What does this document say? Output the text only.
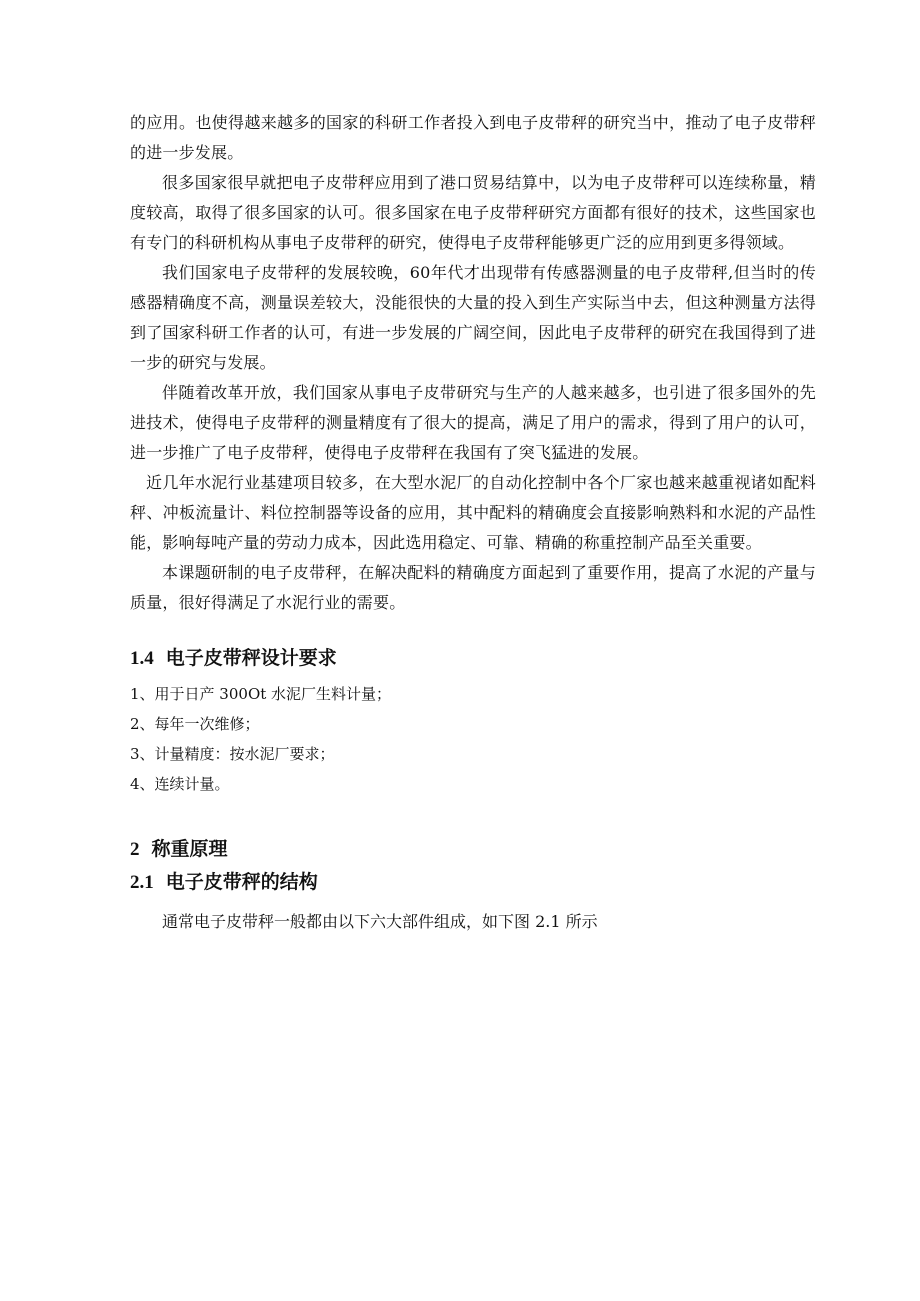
的应用。也使得越来越多的国家的科研工作者投入到电子皮带秤的研究当中，推动了电子皮带秤的进一步发展。

很多国家很早就把电子皮带秤应用到了港口贸易结算中，以为电子皮带秤可以连续称量，精度较高，取得了很多国家的认可。很多国家在电子皮带秤研究方面都有很好的技术，这些国家也有专门的科研机构从事电子皮带秤的研究，使得电子皮带秤能够更广泛的应用到更多得领域。

我们国家电子皮带秤的发展较晚，60年代才出现带有传感器测量的电子皮带秤,但当时的传感器精确度不高，测量误差较大，没能很快的大量的投入到生产实际当中去，但这种测量方法得到了国家科研工作者的认可，有进一步发展的广阔空间，因此电子皮带秤的研究在我国得到了进一步的研究与发展。

伴随着改革开放，我们国家从事电子皮带研究与生产的人越来越多，也引进了很多国外的先进技术，使得电子皮带秤的测量精度有了很大的提高，满足了用户的需求，得到了用户的认可，进一步推广了电子皮带秤，使得电子皮带秤在我国有了突飞猛进的发展。

近几年水泥行业基建项目较多，在大型水泥厂的自动化控制中各个厂家也越来越重视诸如配料秤、冲板流量计、料位控制器等设备的应用，其中配料的精确度会直接影响熟料和水泥的产品性能，影响每吨产量的劳动力成本，因此选用稳定、可靠、精确的称重控制产品至关重要。

本课题研制的电子皮带秤，在解决配料的精确度方面起到了重要作用，提高了水泥的产量与质量，很好得满足了水泥行业的需要。

1.4 电子皮带秤设计要求

1、用于日产 300Ot 水泥厂生料计量；

2、每年一次维修；

3、计量精度：按水泥厂要求；

4、连续计量。

2 称重原理
2.1 电子皮带秤的结构

通常电子皮带秤一般都由以下六大部件组成，如下图 2.1 所示
